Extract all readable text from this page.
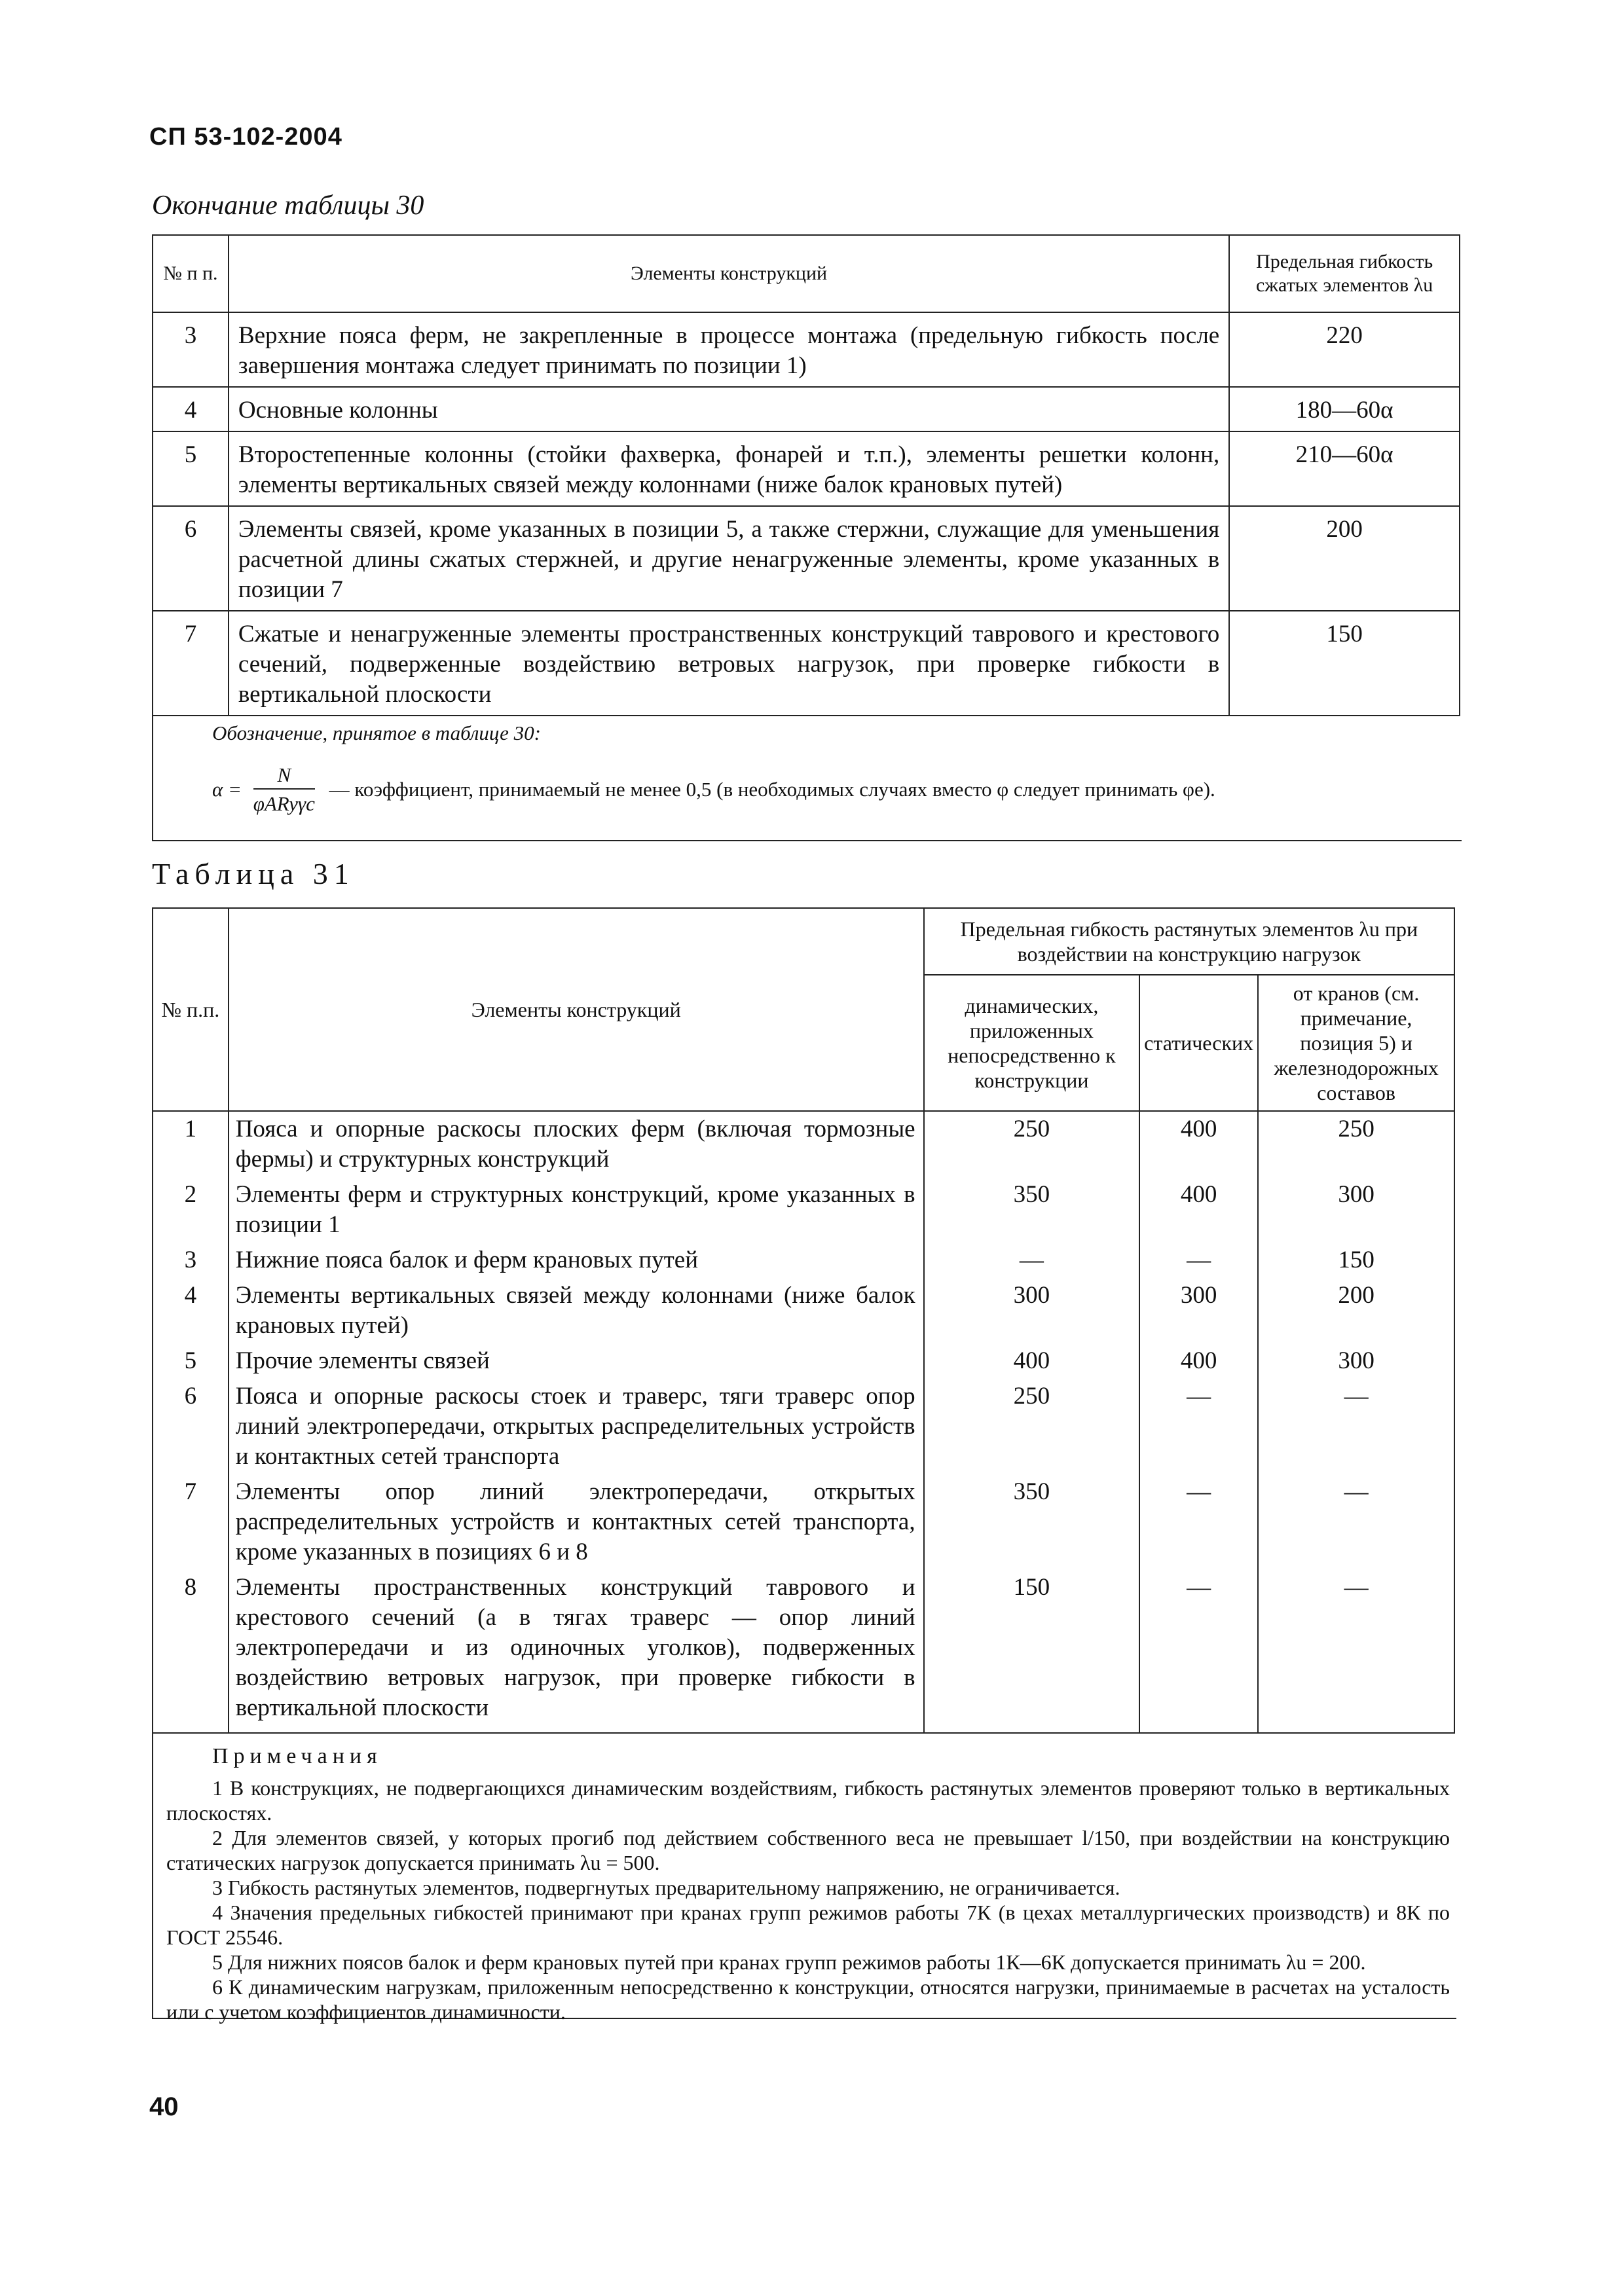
СП 53-102-2004
Окончание таблицы 30
№ п п.	Элементы конструкций	Предельная гибкость сжатых элементов λu
3	Верхние пояса ферм, не закрепленные в процессе монтажа (предельную гибкость после завершения монтажа следует принимать по позиции 1)	220
4	Основные колонны	180—60α
5	Второстепенные колонны (стойки фахверка, фонарей и т.п.), элементы решетки колонн, элементы вертикальных связей между колоннами (ниже балок крановых путей)	210—60α
6	Элементы связей, кроме указанных в позиции 5, а также стержни, служащие для уменьшения расчетной длины сжатых стержней, и другие ненагруженные элементы, кроме указанных в позиции 7	200
7	Сжатые и ненагруженные элементы пространственных конструкций таврового и крестового сечений, подверженные воздействию ветровых нагрузок, при проверке гибкости в вертикальной плоскости	150
Обозначение, принятое в таблице 30:
$\alpha = \frac{N}{\text{φARyγc}}$ — коэффициент, принимаемый не менее 0,5 (в необходимых случаях вместо φ следует принимать φe).
Таблица 31
№ п.п.	Элементы конструкций	Предельная гибкость растянутых элементов λu при воздействии на конструкцию нагрузок		
		динамических, приложенных непосредственно к конструкции	статических	от кранов (см. примечание, позиция 5) и железнодорожных составов
1	Пояса и опорные раскосы плоских ферм (включая тормозные фермы) и структурных конструкций	250	400	250
2	Элементы ферм и структурных конструкций, кроме указанных в позиции 1	350	400	300
3	Нижние пояса балок и ферм крановых путей	—	—	150
4	Элементы вертикальных связей между колоннами (ниже балок крановых путей)	300	300	200
5	Прочие элементы связей	400	400	300
6	Пояса и опорные раскосы стоек и траверс, тяги траверс опор линий электропередачи, открытых распределительных устройств и контактных сетей транспорта	250	—	—
7	Элементы опор линий электропередачи, открытых распределительных устройств и контактных сетей транспорта, кроме указанных в позициях 6 и 8	350	—	—
8	Элементы пространственных конструкций таврового и крестового сечений (а в тягах траверс — опор линий электропередачи и из одиночных уголков), подверженных воздействию ветровых нагрузок, при проверке гибкости в вертикальной плоскости	150	—	—
Примечания

1 В конструкциях, не подвергающихся динамическим воздействиям, гибкость растянутых элементов проверяют только в вертикальных плоскостях.

2 Для элементов связей, у которых прогиб под действием собственного веса не превышает l/150, при воздействии на конструкцию статических нагрузок допускается принимать λu = 500.

3 Гибкость растянутых элементов, подвергнутых предварительному напряжению, не ограничивается.

4 Значения предельных гибкостей принимают при кранах групп режимов работы 7К (в цехах металлургических производств) и 8К по ГОСТ 25546.

5 Для нижних поясов балок и ферм крановых путей при кранах групп режимов работы 1К—6К допускается принимать λu = 200.

6 К динамическим нагрузкам, приложенным непосредственно к конструкции, относятся нагрузки, принимаемые в расчетах на усталость или с учетом коэффициентов динамичности.

40
